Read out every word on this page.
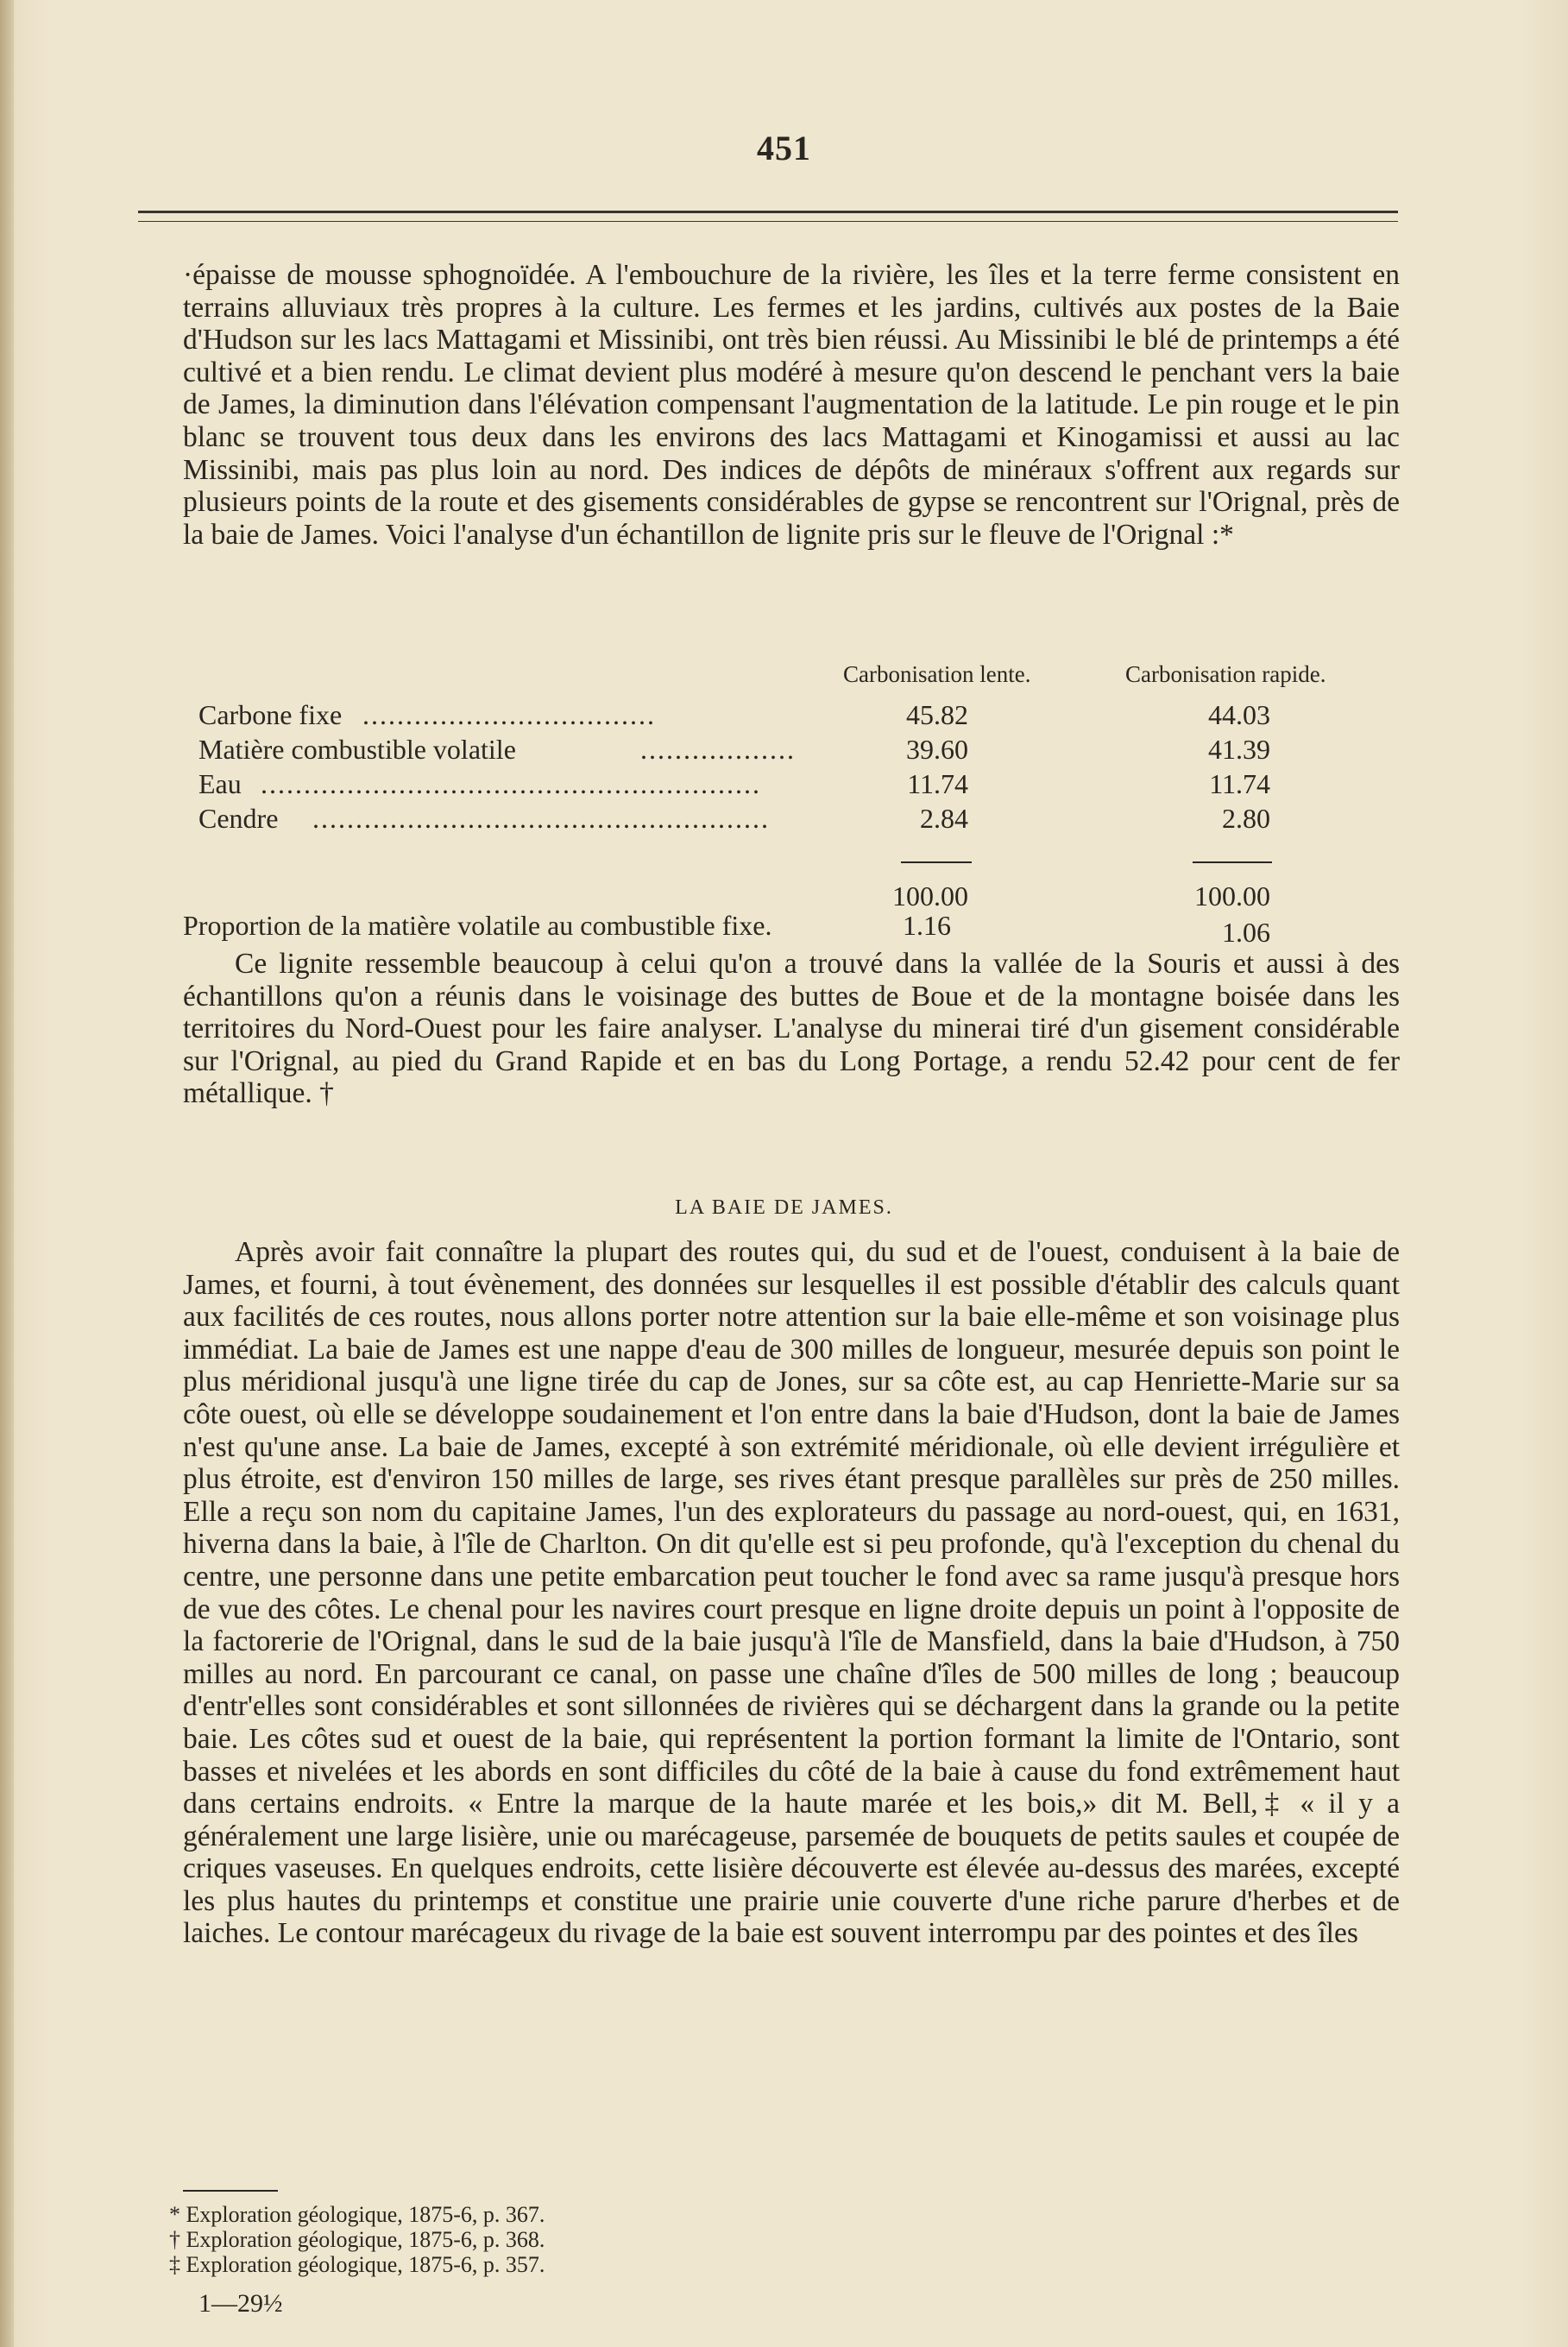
451

·épaisse de mousse sphognoïdée. A l'embouchure de la rivière, les îles et la terre ferme consistent en terrains alluviaux très propres à la culture. Les fermes et les jardins, cultivés aux postes de la Baie d'Hudson sur les lacs Mattagami et Missinibi, ont très bien réussi. Au Missinibi le blé de printemps a été cultivé et a bien rendu. Le climat devient plus modéré à mesure qu'on descend le penchant vers la baie de James, la diminution dans l'élévation compensant l'augmentation de la latitude. Le pin rouge et le pin blanc se trouvent tous deux dans les environs des lacs Mattagami et Kinogamissi et aussi au lac Missinibi, mais pas plus loin au nord. Des indices de dépôts de minéraux s'offrent aux regards sur plusieurs points de la route et des gisements considérables de gypse se rencontrent sur l'Orignal, près de la baie de James. Voici l'analyse d'un échantillon de lignite pris sur le fleuve de l'Orignal :*

Carbonisation lente.	Carbonisation rapide.
Carbone fixe ..................................	45.82	44.03
Matière combustible volatile	..................	39.60	41.39
Eau ..........................................................	11.74	11.74
Cendre .....................................................	2.84	2.80
100.00	100.00
Proportion de la matière volatile au combustible fixe.	1.16	1.06

Ce lignite ressemble beaucoup à celui qu'on a trouvé dans la vallée de la Souris et aussi à des échantillons qu'on a réunis dans le voisinage des buttes de Boue et de la montagne boisée dans les territoires du Nord-Ouest pour les faire analyser. L'analyse du minerai tiré d'un gisement considérable sur l'Orignal, au pied du Grand Rapide et en bas du Long Portage, a rendu 52.42 pour cent de fer métallique. †

LA BAIE DE JAMES.

Après avoir fait connaître la plupart des routes qui, du sud et de l'ouest, conduisent à la baie de James, et fourni, à tout évènement, des données sur lesquelles il est possible d'établir des calculs quant aux facilités de ces routes, nous allons porter notre attention sur la baie elle-même et son voisinage plus immédiat. La baie de James est une nappe d'eau de 300 milles de longueur, mesurée depuis son point le plus méridional jusqu'à une ligne tirée du cap de Jones, sur sa côte est, au cap Henriette-Marie sur sa côte ouest, où elle se développe soudainement et l'on entre dans la baie d'Hudson, dont la baie de James n'est qu'une anse. La baie de James, excepté à son extrémité méridionale, où elle devient irrégulière et plus étroite, est d'environ 150 milles de large, ses rives étant presque parallèles sur près de 250 milles. Elle a reçu son nom du capitaine James, l'un des explorateurs du passage au nord-ouest, qui, en 1631, hiverna dans la baie, à l'île de Charlton. On dit qu'elle est si peu profonde, qu'à l'exception du chenal du centre, une personne dans une petite embarcation peut toucher le fond avec sa rame jusqu'à presque hors de vue des côtes. Le chenal pour les navires court presque en ligne droite depuis un point à l'opposite de la factorerie de l'Orignal, dans le sud de la baie jusqu'à l'île de Mansfield, dans la baie d'Hudson, à 750 milles au nord. En parcourant ce canal, on passe une chaîne d'îles de 500 milles de long ; beaucoup d'entr'elles sont considérables et sont sillonnées de rivières qui se déchargent dans la grande ou la petite baie. Les côtes sud et ouest de la baie, qui représentent la portion formant la limite de l'Ontario, sont basses et nivelées et les abords en sont difficiles du côté de la baie à cause du fond extrêmement haut dans certains endroits. « Entre la marque de la haute marée et les bois,» dit M. Bell,‡ « il y a généralement une large lisière, unie ou marécageuse, parsemée de bouquets de petits saules et coupée de criques vaseuses. En quelques endroits, cette lisière découverte est élevée au-dessus des marées, excepté les plus hautes du printemps et constitue une prairie unie couverte d'une riche parure d'herbes et de laiches. Le contour marécageux du rivage de la baie est souvent interrompu par des pointes et des îles

* Exploration géologique, 1875-6, p. 367.
† Exploration géologique, 1875-6, p. 368.
‡ Exploration géologique, 1875-6, p. 357.
1—29½
